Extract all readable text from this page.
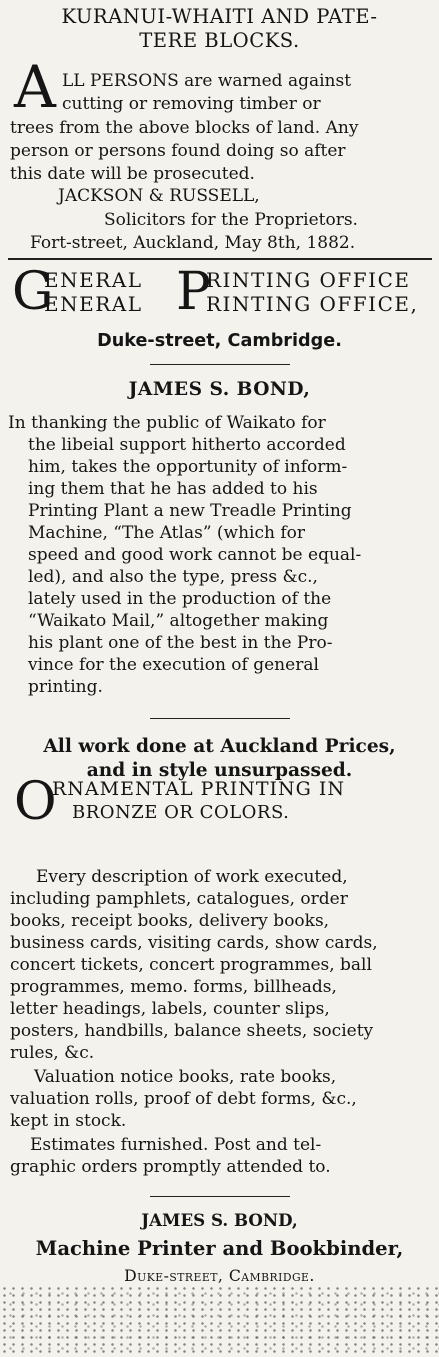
KURANUI-WHAITI AND PATE-
TERE BLOCKS.
A LL PERSONS are warned against
cutting or removing timber or
trees from the above blocks of land. Any
person or persons found doing so after
this date will be prosecuted.
JACKSON & RUSSELL,
Solicitors for the Proprietors.
Fort-street, Auckland, May 8th, 1882.
G
ENERAL
ENERAL P
RINTING OFFICE
RINTING OFFICE,
Duke-street, Cambridge.
JAMES S. BOND,
In thanking the public of Waikato for
the libeial support hitherto accorded
him, takes the opportunity of inform-
ing them that he has added to his
Printing Plant a new Treadle Printing
Machine, “The Atlas” (which for
speed and good work cannot be equal-
led), and also the type, press &c.,
lately used in the production of the
“Waikato Mail,” altogether making
his plant one of the best in the Pro-
vince for the execution of general
printing.
All work done at Auckland Prices,
and in style unsurpassed.
O
RNAMENTAL PRINTING IN
BRONZE OR COLORS.
Every description of work executed,
including pamphlets, catalogues, order
books, receipt books, delivery books,
business cards, visiting cards, show cards,
concert tickets, concert programmes, ball
programmes, memo. forms, billheads,
letter headings, labels, counter slips,
posters, handbills, balance sheets, society
rules, &c.
Valuation notice books, rate books,
valuation rolls, proof of debt forms, &c.,
kept in stock.
Estimates furnished. Post and tel-
graphic orders promptly attended to.
JAMES S. BOND,
Machine Printer and Bookbinder,
Duke-street, Cambridge.
